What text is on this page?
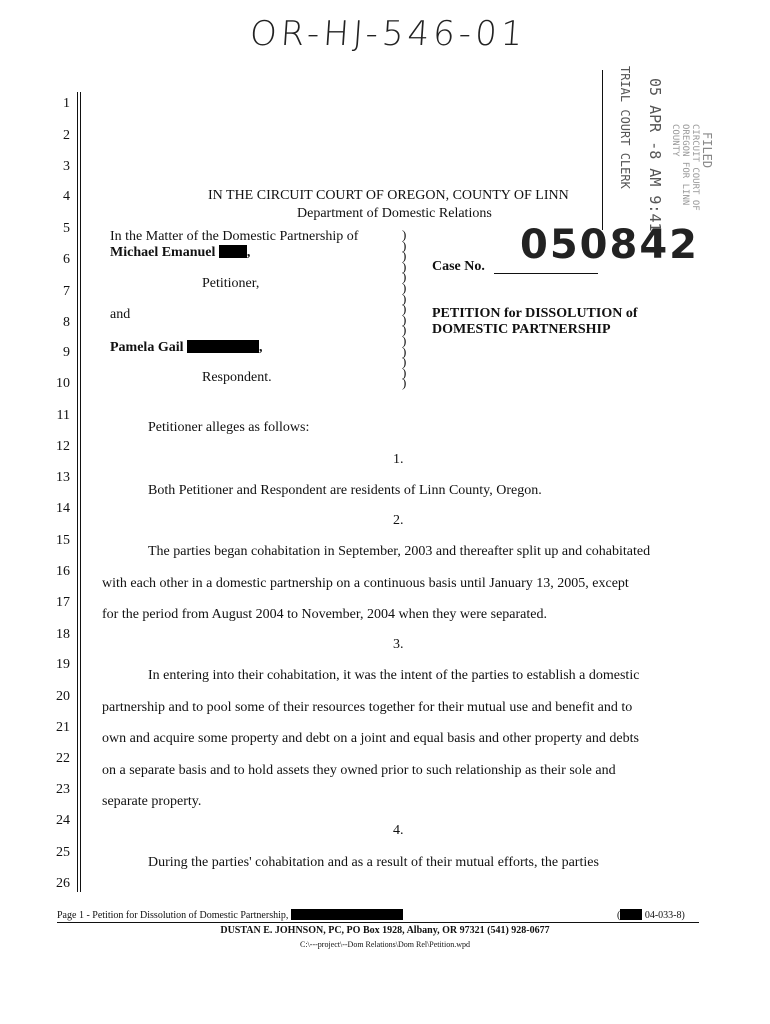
OR-HJ-546-01
05 APR -8 AM 9:41
TRIAL COURT CLERK	FILED
CIRCUIT COURT OF OREGON FOR LINN COUNTY
1
2
3
4
5
6
7
8
9
10
11
12
13
14
15
16
17
18
19
20
21
22
23
24
25
26
IN THE CIRCUIT COURT OF OREGON, COUNTY OF LINN
Department of Domestic Relations
In the Matter of the Domestic Partnership of
Michael Emanuel ,
Petitioner,
and
Pamela Gail	,
Respondent.
)
)
)
)
)
)
)
)
)
)
)
)
)
)
)
Case No. 050842
PETITION for DISSOLUTION of
DOMESTIC PARTNERSHIP
Petitioner alleges as follows:
1.
Both Petitioner and Respondent are residents of Linn County, Oregon.
2.
The parties began cohabitation in September, 2003 and thereafter split up and cohabitated
with each other in a domestic partnership on a continuous basis until January 13, 2005, except
for the period from August 2004 to November, 2004 when they were separated.
3.
In entering into their cohabitation, it was the intent of the parties to establish a domestic
partnership and to pool some of their resources together for their mutual use and benefit and to
own and acquire some property and debt on a joint and equal basis and other property and debts
on a separate basis and to hold assets they owned prior to such relationship as their sole and
separate property.
4.
During the parties' cohabitation and as a result of their mutual efforts, the parties
Page 1 - Petition for Dissolution of Domestic Partnership,	( 04-033-8)
DUSTAN E. JOHNSON, PC, PO Box 1928, Albany, OR 97321 (541) 928-0677
C:\---project\--Dom Relations\Dom Rel\Petition.wpd
